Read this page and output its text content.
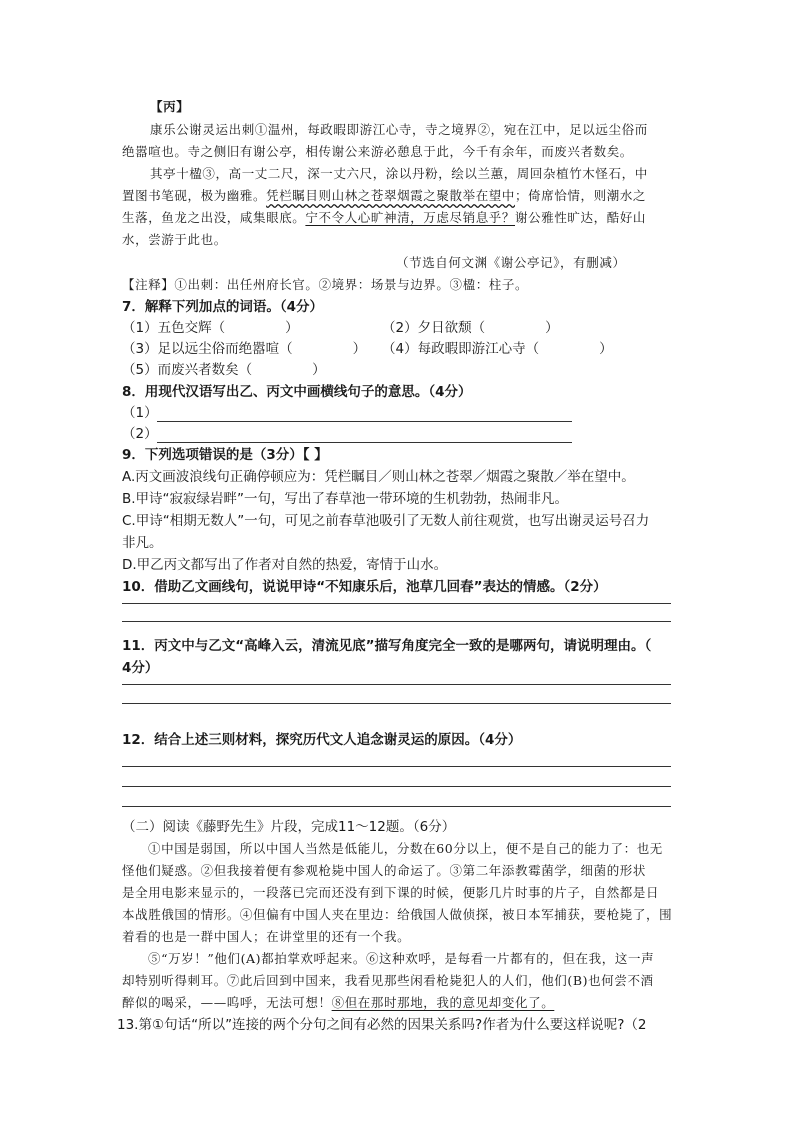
【丙】
康乐公谢灵运出刺①温州，每政暇即游江心寺，寺之境界②，宛在江中，足以远尘俗而
绝嚣喧也。寺之侧旧有谢公亭，相传谢公来游必憩息于此，今千有余年，而废兴者数矣。
其亭十楹③，高一丈二尺，深一丈六尺，涂以丹粉，绘以兰蕙，周回杂植竹木怪石，中
置图书笔砚，极为幽雅。凭栏瞩目则山林之苍翠烟霞之聚散举在望中；倚席恰情，则潮水之
生落，鱼龙之出没，咸集眼底。宁不令人心旷神清，万虑尽销息乎？谢公雅性旷达，酷好山
水，尝游于此也。
（节选自何文渊《谢公亭记》，有删减）
【注释】①出刺：出任州府长官。②境界：场景与边界。③楹：柱子。
7．解释下列加点的词语。（4分）
（1）五色交辉（	）	（2）夕日欲颓（	）
（3）足以远尘俗而绝嚣喧（	） （4）每政暇即游江心寺（	）
（5）而废兴者数矣（	）
8．用现代汉语写出乙、丙文中画横线句子的意思。（4分）
（1）
（2）
9．下列选项错误的是（3分）【 】
A.丙文画波浪线句正确停顿应为：凭栏瞩目／则山林之苍翠／烟霞之聚散／举在望中。
B.甲诗“寂寂绿岩畔”一句，写出了春草池一带环境的生机勃勃，热闹非凡。
C.甲诗“相期无数人”一句，可见之前春草池吸引了无数人前往观赏，也写出谢灵运号召力
非凡。
D.甲乙丙文都写出了作者对自然的热爱，寄情于山水。
10．借助乙文画线句，说说甲诗“不知康乐后，池草几回春”表达的情感。（2分）
11．丙文中与乙文“高峰入云，清流见底”描写角度完全一致的是哪两句，请说明理由。（
4分）
12．结合上述三则材料，探究历代文人追念谢灵运的原因。（4分）
（二）阅读《藤野先生》片段，完成11～12题。（6分）
①中国是弱国，所以中国人当然是低能儿，分数在60分以上，便不是自己的能力了：也无
怪他们疑惑。②但我接着便有参观枪毙中国人的命运了。③第二年添教霉菌学，细菌的形状
是全用电影来显示的，一段落已完而还没有到下课的时候，便影几片时事的片子，自然都是日
本战胜俄国的情形。④但偏有中国人夹在里边：给俄国人做侦探，被日本军捕获，要枪毙了，围
着看的也是一群中国人；在讲堂里的还有一个我。
⑤“万岁！”他们(A)都拍掌欢呼起来。⑥这种欢呼，是每看一片都有的，但在我，这一声
却特别听得刺耳。⑦此后回到中国来，我看见那些闲看枪毙犯人的人们，他们(B)也何尝不酒
醉似的喝采，——呜呼，无法可想！⑧但在那时那地，我的意见却变化了。
13.第①句话“所以”连接的两个分句之间有必然的因果关系吗?作者为什么要这样说呢?（2
